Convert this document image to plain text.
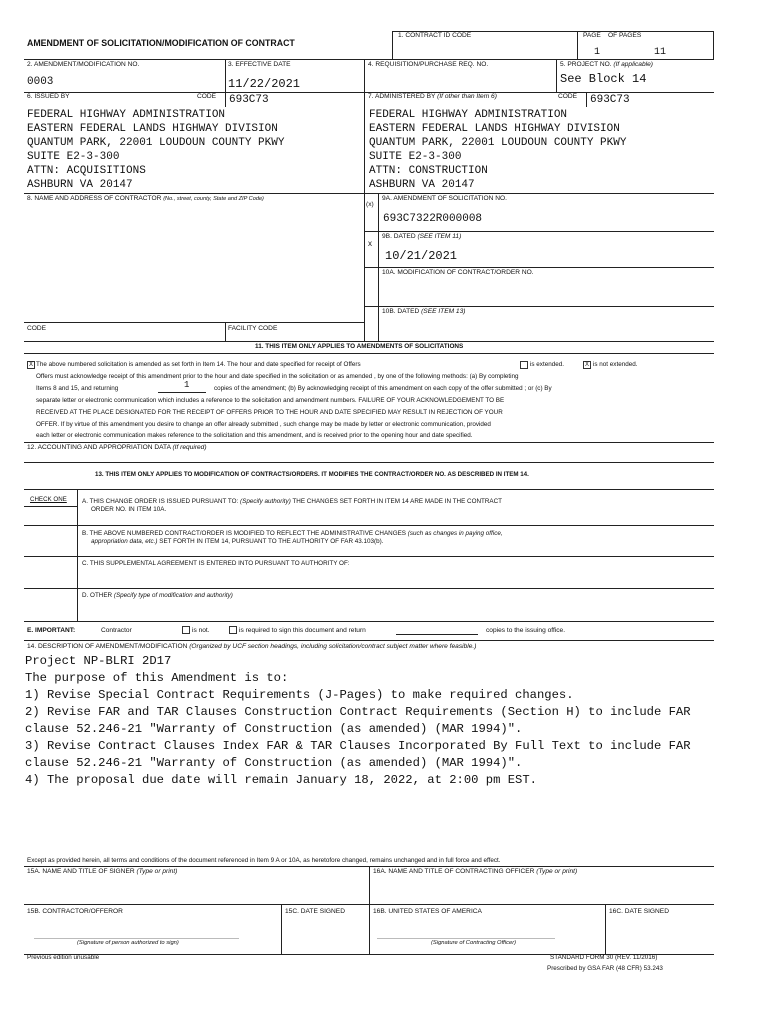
AMENDMENT OF SOLICITATION/MODIFICATION OF CONTRACT
1. CONTRACT ID CODE	PAGE OF PAGES
1	11
2. AMENDMENT/MODIFICATION NO.
0003
3. EFFECTIVE DATE
11/22/2021
4. REQUISITION/PURCHASE REQ. NO.	5. PROJECT NO. (If applicable)
See Block 14
6. ISSUED BY	CODE 693C73	7. ADMINISTERED BY (If other than Item 6)	CODE 693C73
FEDERAL HIGHWAY ADMINISTRATION
EASTERN FEDERAL LANDS HIGHWAY DIVISION
QUANTUM PARK, 22001 LOUDOUN COUNTY PKWY
SUITE E2-3-300
ATTN: ACQUISITIONS
ASHBURN VA 20147
FEDERAL HIGHWAY ADMINISTRATION
EASTERN FEDERAL LANDS HIGHWAY DIVISION
QUANTUM PARK, 22001 LOUDOUN COUNTY PKWY
SUITE E2-3-300
ATTN: CONSTRUCTION
ASHBURN VA 20147
8. NAME AND ADDRESS OF CONTRACTOR (No., street, county, State and ZIP Code)
(x)
9A. AMENDMENT OF SOLICITATION NO.
693C7322R000008
x
9B. DATED (SEE ITEM 11)
10/21/2021
10A. MODIFICATION OF CONTRACT/ORDER NO.
10B. DATED (SEE ITEM 13)
CODE	FACILITY CODE
11. THIS ITEM ONLY APPLIES TO AMENDMENTS OF SOLICITATIONS
X The above numbered solicitation is amended as set forth in Item 14. The hour and date specified for receipt of Offers	is extended.	X is not extended.
Offers must acknowledge receipt of this amendment prior to the hour and date specified in the solicitation or as amended , by one of the following methods: (a) By completing
Items 8 and 15, and returning	1	copies of the amendment; (b) By acknowledging receipt of this amendment on each copy of the offer submitted ; or (c) By
separate letter or electronic communication which includes a reference to the solicitation and amendment numbers. FAILURE OF YOUR ACKNOWLEDGEMENT TO BE
RECEIVED AT THE PLACE DESIGNATED FOR THE RECEIPT OF OFFERS PRIOR TO THE HOUR AND DATE SPECIFIED MAY RESULT IN REJECTION OF YOUR
OFFER. If by virtue of this amendment you desire to change an offer already submitted , such change may be made by letter or electronic communication, provided
each letter or electronic communication makes reference to the solicitation and this amendment, and is received prior to the opening hour and date specified.
12. ACCOUNTING AND APPROPRIATION DATA (If required)
13. THIS ITEM ONLY APPLIES TO MODIFICATION OF CONTRACTS/ORDERS. IT MODIFIES THE CONTRACT/ORDER NO. AS DESCRIBED IN ITEM 14.
CHECK ONE A. THIS CHANGE ORDER IS ISSUED PURSUANT TO: (Specify authority) THE CHANGES SET FORTH IN ITEM 14 ARE MADE IN THE CONTRACT
ORDER NO. IN ITEM 10A.
B. THE ABOVE NUMBERED CONTRACT/ORDER IS MODIFIED TO REFLECT THE ADMINISTRATIVE CHANGES (such as changes in paying office,
appropriation data, etc.) SET FORTH IN ITEM 14, PURSUANT TO THE AUTHORITY OF FAR 43.103(b).
C. THIS SUPPLEMENTAL AGREEMENT IS ENTERED INTO PURSUANT TO AUTHORITY OF:
D. OTHER (Specify type of modification and authority)
E. IMPORTANT:	Contractor	is not.	is required to sign this document and return	copies to the issuing office.
14. DESCRIPTION OF AMENDMENT/MODIFICATION (Organized by UCF section headings, including solicitation/contract subject matter where feasible.)
Project NP-BLRI 2D17
The purpose of this Amendment is to:
1) Revise Special Contract Requirements (J-Pages) to make required changes.
2) Revise FAR and TAR Clauses Construction Contract Requirements (Section H) to include FAR
clause 52.246-21 "Warranty of Construction (as amended) (MAR 1994)".
3) Revise Contract Clauses Index FAR & TAR Clauses Incorporated By Full Text to include FAR
clause 52.246-21 "Warranty of Construction (as amended) (MAR 1994)".
4) The proposal due date will remain January 18, 2022, at 2:00 pm EST.
Except as provided herein, all terms and conditions of the document referenced in Item 9 A or 10A, as heretofore changed, remains unchanged and in full force and effect.
15A. NAME AND TITLE OF SIGNER (Type or print)	16A. NAME AND TITLE OF CONTRACTING OFFICER (Type or print)
15B. CONTRACTOR/OFFEROR	15C. DATE SIGNED	16B. UNITED STATES OF AMERICA	16C. DATE SIGNED
(Signature of person authorized to sign)	(Signature of Contracting Officer)
Previous edition unusable	STANDARD FORM 30 (REV. 11/2016)
Prescribed by GSA FAR (48 CFR) 53.243
